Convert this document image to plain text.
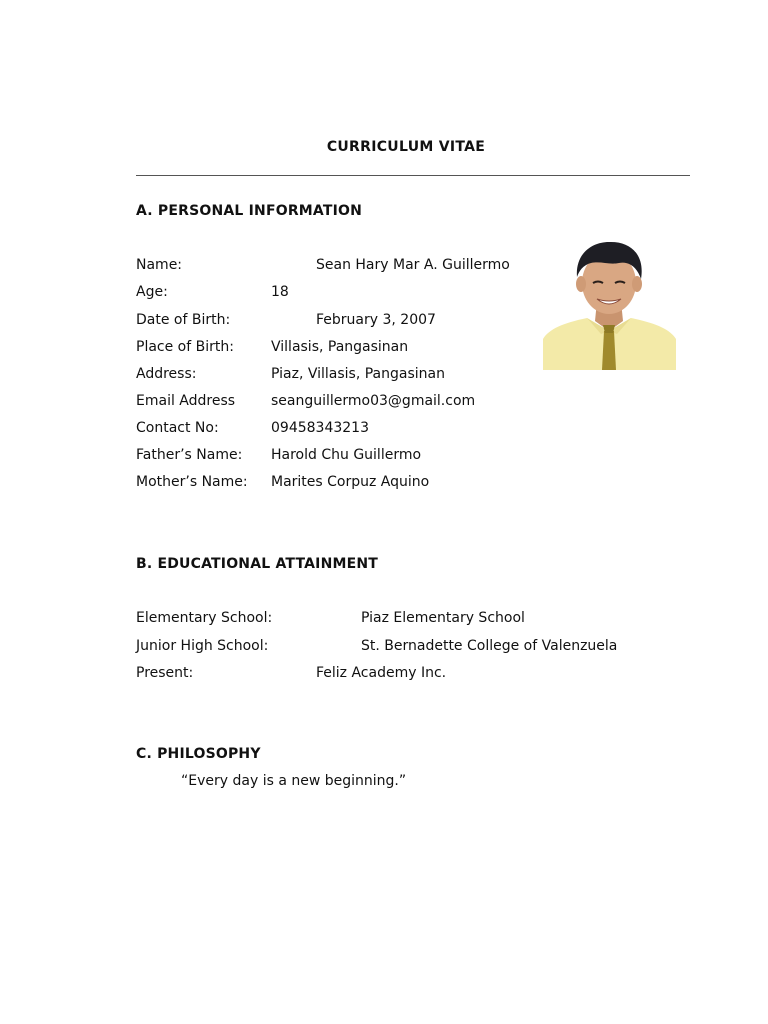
CURRICULUM VITAE
A. PERSONAL INFORMATION
Name:	Sean Hary Mar A. Guillermo
Age:	18
Date of Birth:	February 3, 2007
Place of Birth:	Villasis, Pangasinan
Address:	Piaz, Villasis, Pangasinan
Email Address	seanguillermo03@gmail.com
Contact No:	09458343213
Father’s Name: Harold Chu Guillermo
Mother’s Name: Marites Corpuz Aquino
B. EDUCATIONAL ATTAINMENT
Elementary School:	Piaz Elementary School
Junior High School:	St. Bernadette College of Valenzuela
Present:	Feliz Academy Inc.
C. PHILOSOPHY
“Every day is a new beginning.”
